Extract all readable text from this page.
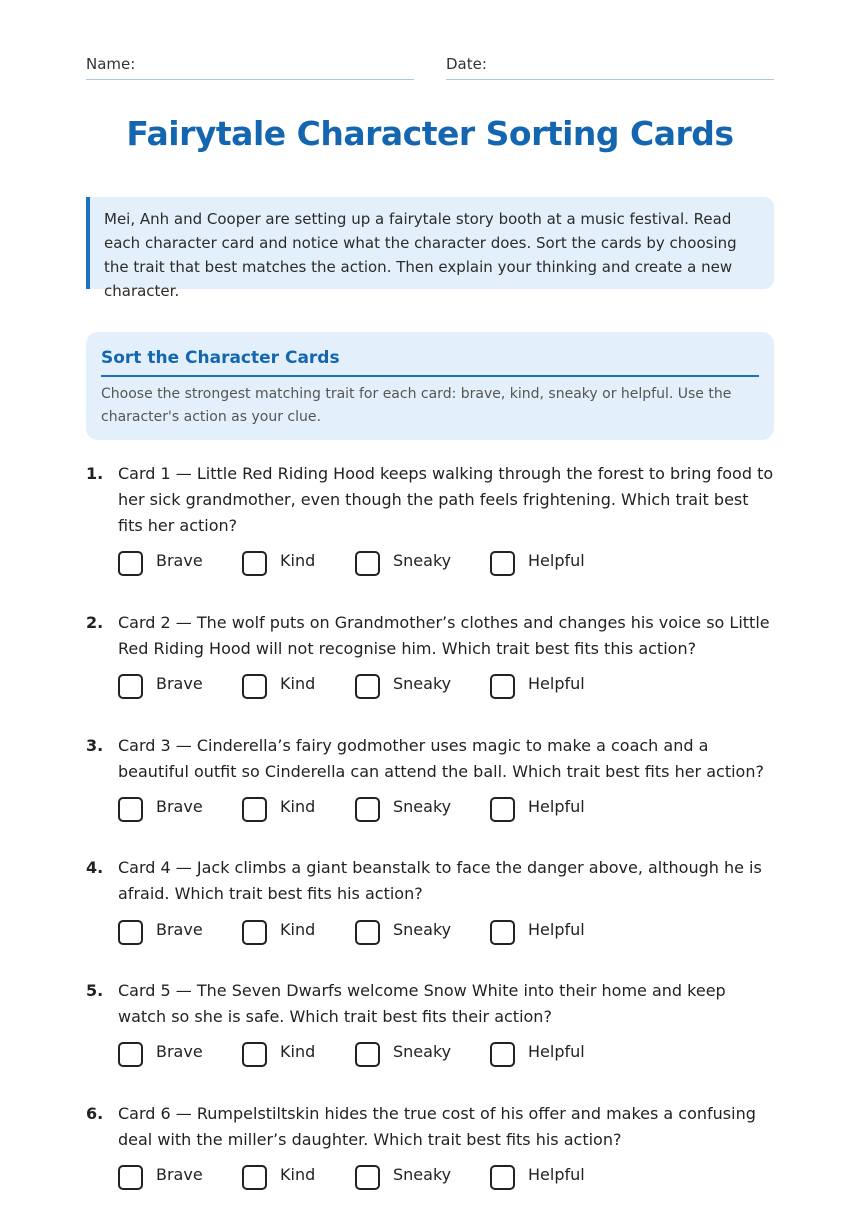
Name:	Date:
Fairytale Character Sorting Cards
Mei, Anh and Cooper are setting up a fairytale story booth at a music festival. Read each character card and notice what the character does. Sort the cards by choosing the trait that best matches the action. Then explain your thinking and create a new character.
Sort the Character Cards

Choose the strongest matching trait for each card: brave, kind, sneaky or helpful. Use the character's action as your clue.

1. Card 1 — Little Red Riding Hood keeps walking through the forest to bring food to her sick grandmother, even though the path feels frightening. Which trait best fits her action?
Brave	Kind	Sneaky	Helpful
2. Card 2 — The wolf puts on Grandmother’s clothes and changes his voice so Little Red Riding Hood will not recognise him. Which trait best fits this action?
Brave	Kind	Sneaky	Helpful
3. Card 3 — Cinderella’s fairy godmother uses magic to make a coach and a beautiful outfit so Cinderella can attend the ball. Which trait best fits her action?
Brave	Kind	Sneaky	Helpful
4. Card 4 — Jack climbs a giant beanstalk to face the danger above, although he is afraid. Which trait best fits his action?
Brave	Kind	Sneaky	Helpful
5. Card 5 — The Seven Dwarfs welcome Snow White into their home and keep watch so she is safe. Which trait best fits their action?
Brave	Kind	Sneaky	Helpful
6. Card 6 — Rumpelstiltskin hides the true cost of his offer and makes a confusing deal with the miller’s daughter. Which trait best fits his action?
Brave	Kind	Sneaky	Helpful
